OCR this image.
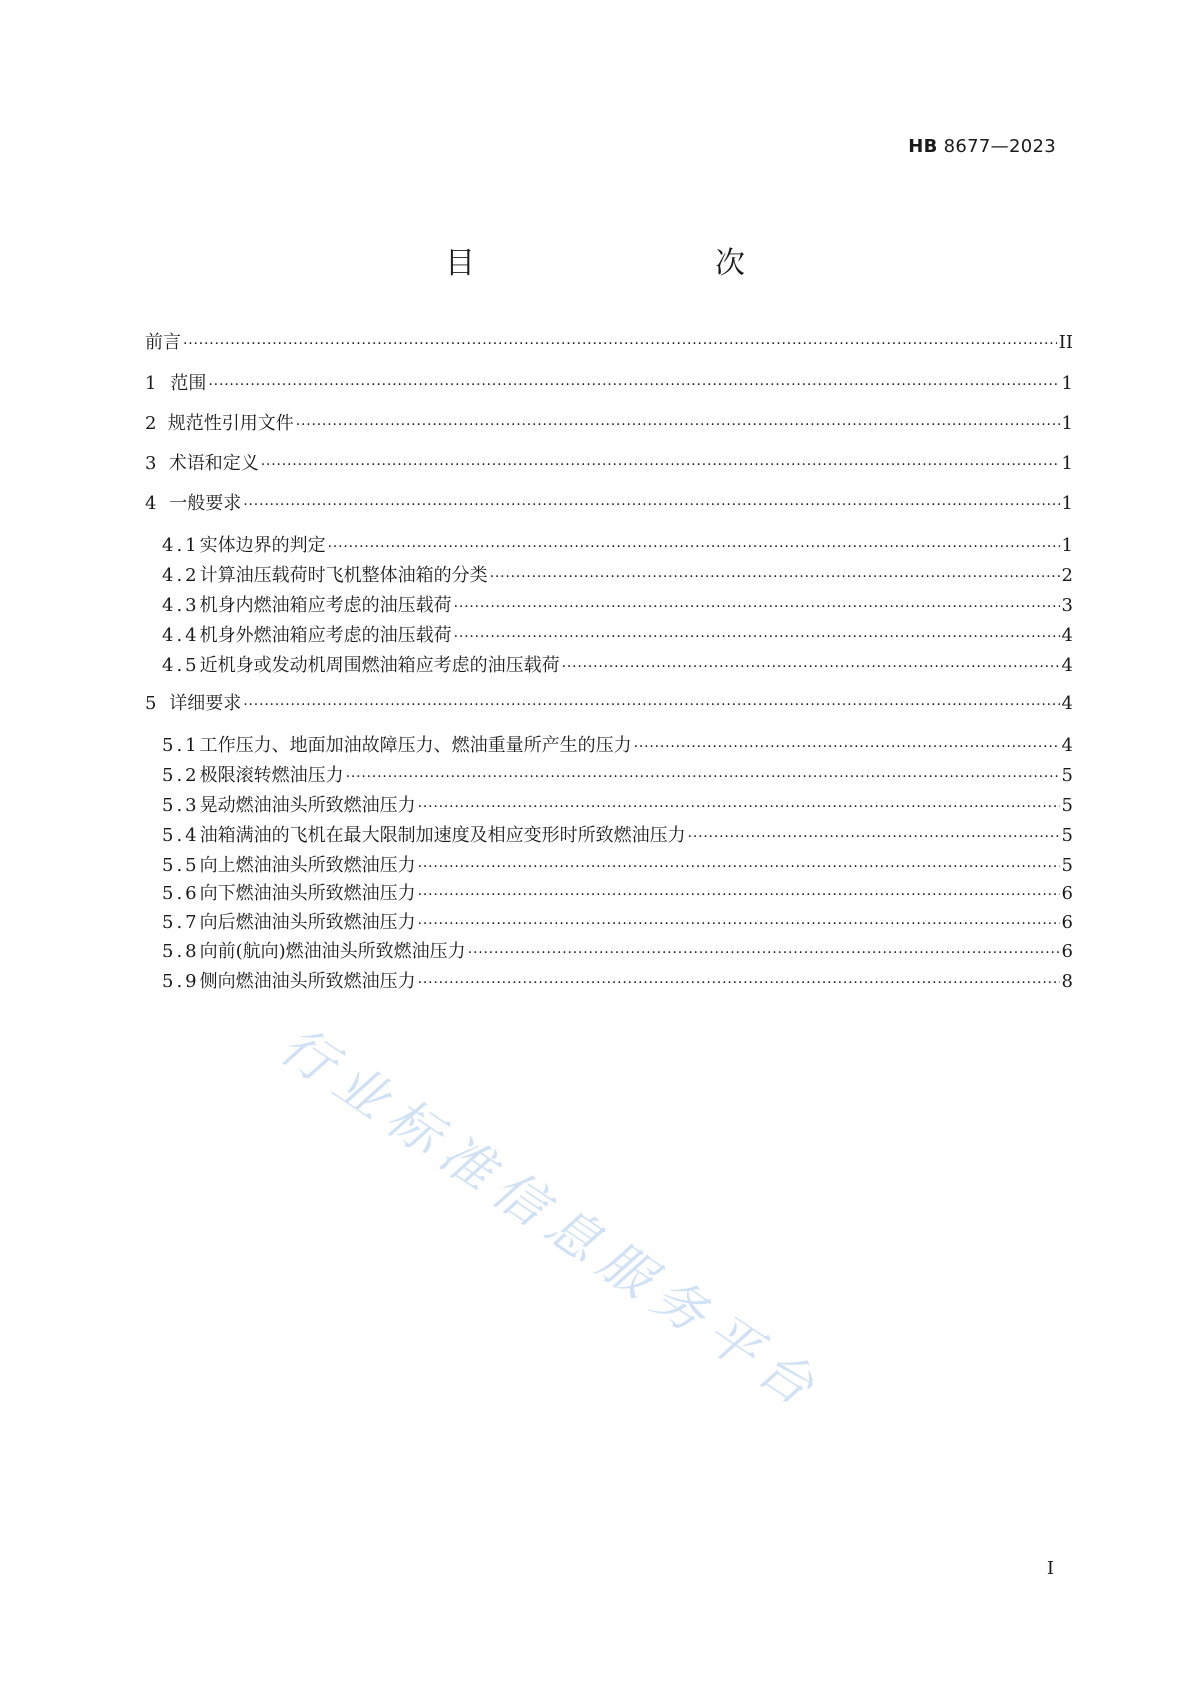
HB 8677—2023
目　　次
前言 ·····	II
1 范围 ·····	1
2 规范性引用文件 ·····	1
3 术语和定义 ·····	1
4 一般要求 ·····	1
4.1 实体边界的判定 ·····	1
4.2 计算油压载荷时飞机整体油箱的分类 ·····	2
4.3 机身内燃油箱应考虑的油压载荷 ·····	3
4.4 机身外燃油箱应考虑的油压载荷 ·····	4
4.5 近机身或发动机周围燃油箱应考虑的油压载荷 ·····	4
5 详细要求 ·····	4
5.1 工作压力、地面加油故障压力、燃油重量所产生的压力 ·····	4
5.2 极限滚转燃油压力 ·····	5
5.3 晃动燃油油头所致燃油压力 ·····	5
5.4 油箱满油的飞机在最大限制加速度及相应变形时所致燃油压力 ·····	5
5.5 向上燃油油头所致燃油压力 ·····	5
5.6 向下燃油油头所致燃油压力 ·····	6
5.7 向后燃油油头所致燃油压力 ·····	6
5.8 向前(航向)燃油油头所致燃油压力 ·····	6
5.9 侧向燃油油头所致燃油压力 ·····	8
行业标准信息服务平台
I
